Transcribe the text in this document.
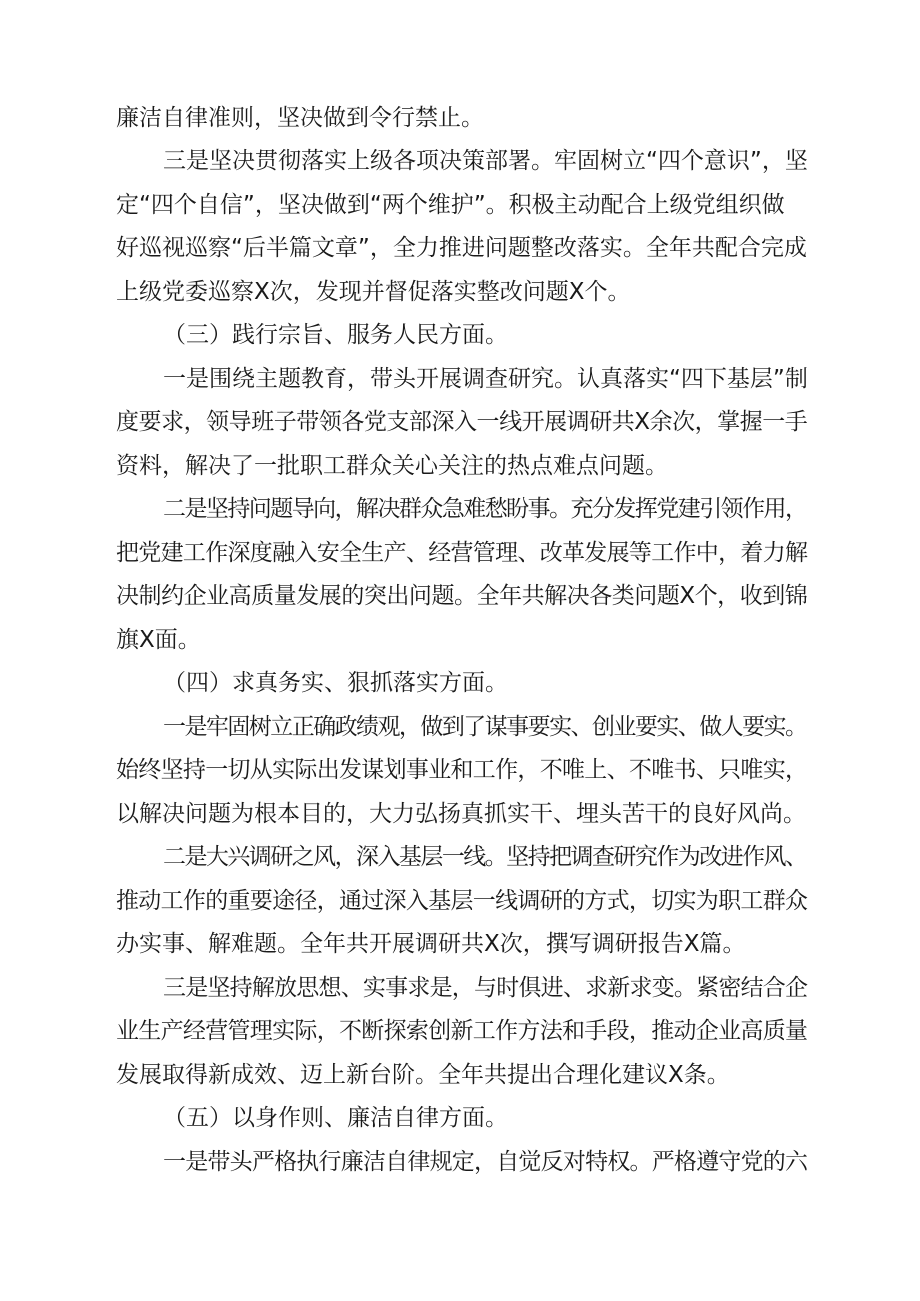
廉洁自律准则，坚决做到令行禁止。
三是坚决贯彻落实上级各项决策部署。牢固树立“四个意识”，坚
定“四个自信”，坚决做到“两个维护”。积极主动配合上级党组织做
好巡视巡察“后半篇文章”，全力推进问题整改落实。全年共配合完成
上级党委巡察X次，发现并督促落实整改问题X个。
（三）践行宗旨、服务人民方面。
一是围绕主题教育，带头开展调查研究。认真落实“四下基层”制
度要求，领导班子带领各党支部深入一线开展调研共X余次，掌握一手
资料，解决了一批职工群众关心关注的热点难点问题。
二是坚持问题导向，解决群众急难愁盼事。充分发挥党建引领作用，
把党建工作深度融入安全生产、经营管理、改革发展等工作中，着力解
决制约企业高质量发展的突出问题。全年共解决各类问题X个，收到锦
旗X面。
（四）求真务实、狠抓落实方面。
一是牢固树立正确政绩观，做到了谋事要实、创业要实、做人要实。
始终坚持一切从实际出发谋划事业和工作，不唯上、不唯书、只唯实，
以解决问题为根本目的，大力弘扬真抓实干、埋头苦干的良好风尚。
二是大兴调研之风，深入基层一线。坚持把调查研究作为改进作风、
推动工作的重要途径，通过深入基层一线调研的方式，切实为职工群众
办实事、解难题。全年共开展调研共X次，撰写调研报告X篇。
三是坚持解放思想、实事求是，与时俱进、求新求变。紧密结合企
业生产经营管理实际，不断探索创新工作方法和手段，推动企业高质量
发展取得新成效、迈上新台阶。全年共提出合理化建议X条。
（五）以身作则、廉洁自律方面。
一是带头严格执行廉洁自律规定，自觉反对特权。严格遵守党的六
